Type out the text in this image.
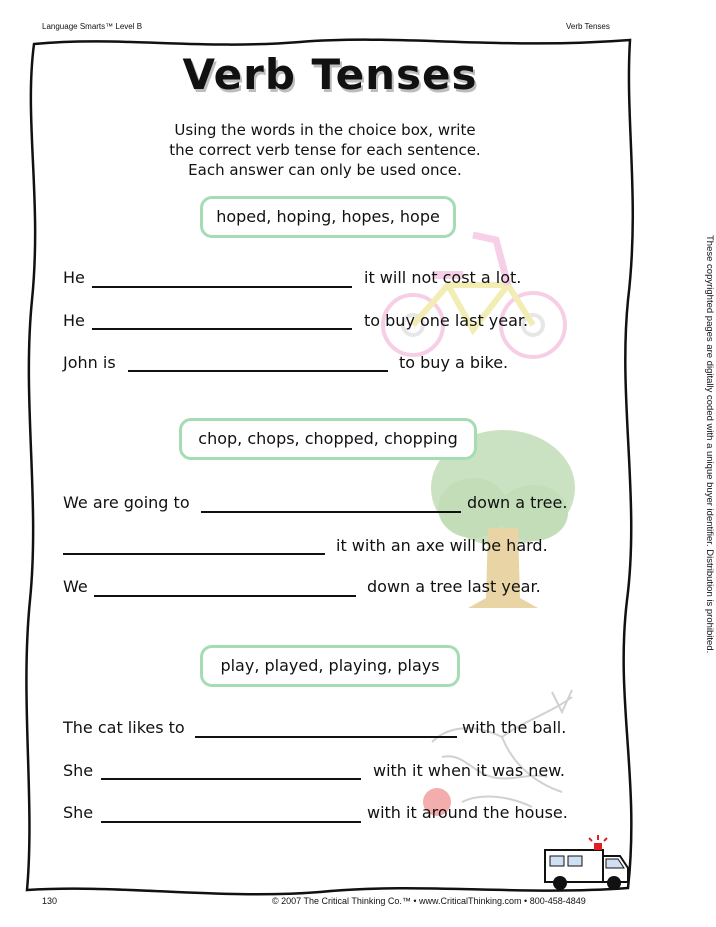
Language Smarts™ Level B	Verb Tenses
Verb Tenses
Using the words in the choice box, write
the correct verb tense for each sentence.
Each answer can only be used once.
hoped, hoping, hopes, hope
He	it will not cost a lot.
He	to buy one last year.
John is	to buy a bike.
chop, chops, chopped, chopping
We are going to	down a tree.
it with an axe will be hard.
We	down a tree last year.
play, played, playing, plays
The cat likes to	with the ball.
She	with it when it was new.
She	with it around the house.
130	© 2007 The Critical Thinking Co.™ • www.CriticalThinking.com • 800-458-4849
These copyrighted pages are digitally coded with a unique buyer identifier. Distribution is prohibited.
